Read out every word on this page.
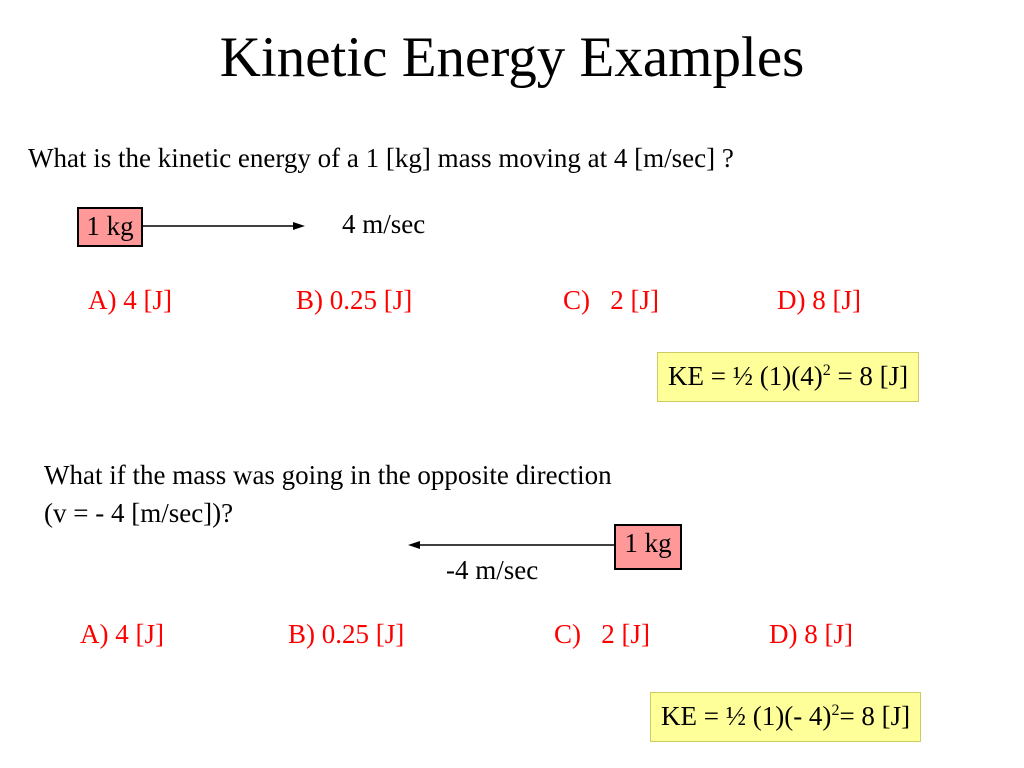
Kinetic Energy Examples
What is the kinetic energy of a 1 [kg] mass moving at 4 [m/sec] ?
1 kg	4 m/sec
A) 4 [J]	B) 0.25 [J]	C)   2 [J]	D) 8 [J]
KE = ½ $(1)(4)^2 = 8$ [J]
What if the mass was going in the opposite direction
(v = - 4 [m/sec])?
1 kg
-4 m/sec
A) 4 [J]	B) 0.25 [J]	C)   2 [J]	D) 8 [J]
KE = ½ (1)(- 4)$^2$= 8 [J]
